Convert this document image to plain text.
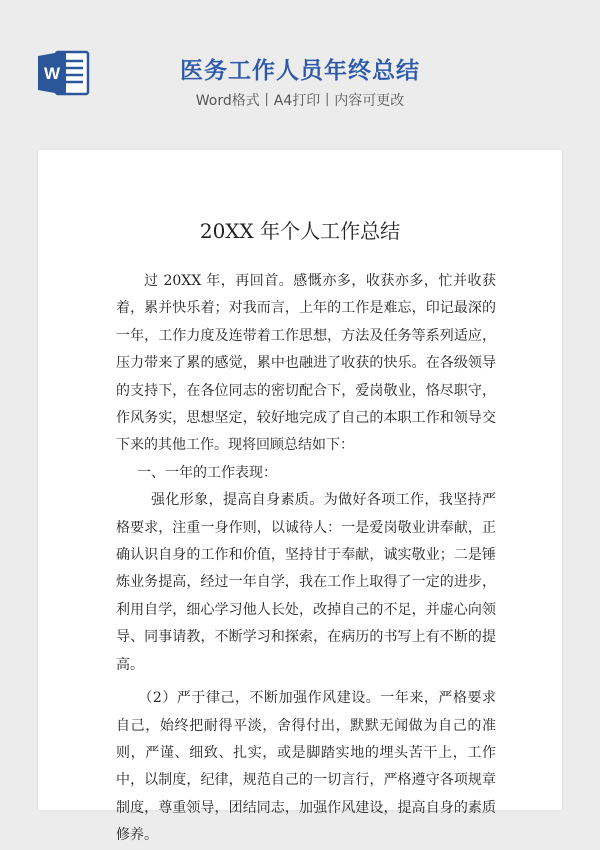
W	医务工作人员年终总结
Word格式丨A4打印丨内容可更改
20XX 年个人工作总结

过 20XX 年，再回首。感慨亦多，收获亦多，忙并收获着，累并快乐着；对我而言，上年的工作是难忘，印记最深的一年，工作力度及连带着工作思想，方法及任务等系列适应，压力带来了累的感觉，累中也融进了收获的快乐。在各级领导的支持下，在各位同志的密切配合下，爱岗敬业，恪尽职守，作风务实，思想坚定，较好地完成了自己的本职工作和领导交下来的其他工作。现将回顾总结如下：

一、一年的工作表现：

强化形象，提高自身素质。为做好各项工作，我坚持严格要求，注重一身作则，以诚待人：一是爱岗敬业讲奉献，正确认识自身的工作和价值，坚持甘于奉献，诚实敬业；二是锤炼业务提高，经过一年自学，我在工作上取得了一定的进步，利用自学，细心学习他人长处，改掉自己的不足，并虚心向领导、同事请教，不断学习和探索，在病历的书写上有不断的提高。

（2）严于律己，不断加强作风建设。一年来，严格要求自己，始终把耐得平淡，舍得付出，默默无闻做为自己的准则，严谨、细致、扎实，或是脚踏实地的埋头苦干上，工作中，以制度，纪律，规范自己的一切言行，严格遵守各项规章制度，尊重领导，团结同志，加强作风建设，提高自身的素质修养。
